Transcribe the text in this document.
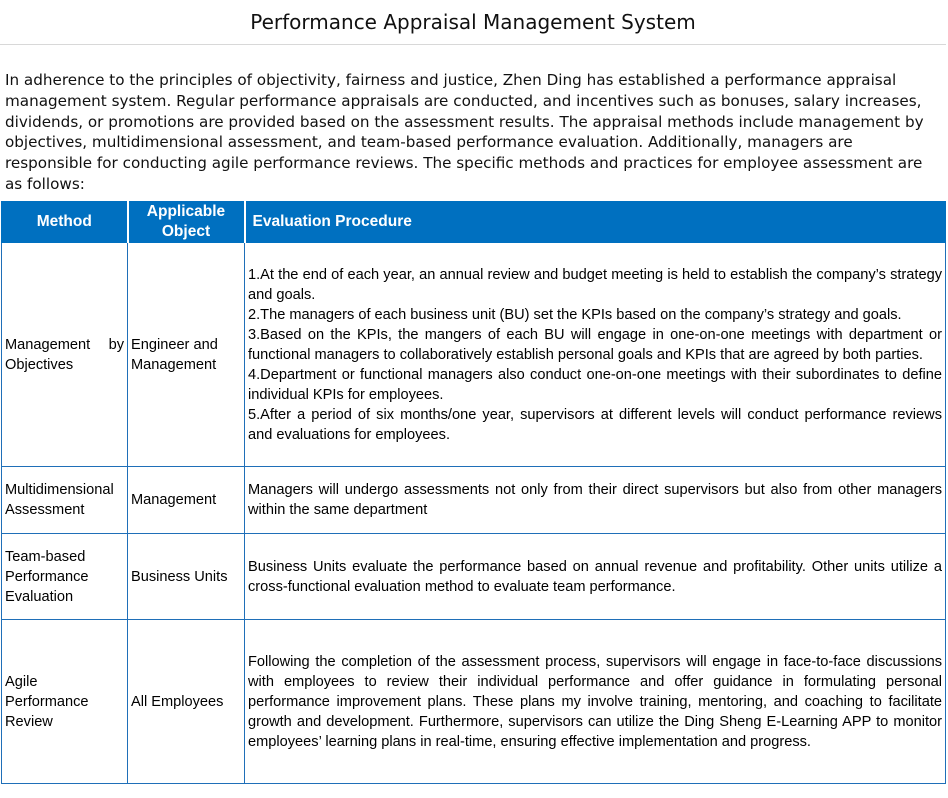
Performance Appraisal Management System

In adherence to the principles of objectivity, fairness and justice, Zhen Ding has established a performance appraisal management system. Regular performance appraisals are conducted, and incentives such as bonuses, salary increases, dividends, or promotions are provided based on the assessment results. The appraisal methods include management by objectives, multidimensional assessment, and team-based performance evaluation. Additionally, managers are responsible for conducting agile performance reviews. The specific methods and practices for employee assessment are as follows:

Method	Applicable Object	Evaluation Procedure
Management by Objectives	Engineer and Management	1.At the end of each year, an annual review and budget meeting is held to establish the company’s strategy and goals.
2.The managers of each business unit (BU) set the KPIs based on the company’s strategy and goals.
3.Based on the KPIs, the mangers of each BU will engage in one-on-one meetings with department or functional managers to collaboratively establish personal goals and KPIs that are agreed by both parties.
4.Department or functional managers also conduct one-on-one meetings with their subordinates to define individual KPIs for employees.
5.After a period of six months/one year, supervisors at different levels will conduct performance reviews and evaluations for employees.

Multidimensional Assessment	Management	Managers will undergo assessments not only from their direct supervisors but also from other managers within the same department

Team-based Performance Evaluation	Business Units	Business Units evaluate the performance based on annual revenue and profitability. Other units utilize a cross-functional evaluation method to evaluate team performance.

Agile Performance Review	All Employees	Following the completion of the assessment process, supervisors will engage in face-to-face discussions with employees to review their individual performance and offer guidance in formulating personal performance improvement plans. These plans my involve training, mentoring, and coaching to facilitate growth and development. Furthermore, supervisors can utilize the Ding Sheng E-Learning APP to monitor employees’ learning plans in real-time, ensuring effective implementation and progress.
